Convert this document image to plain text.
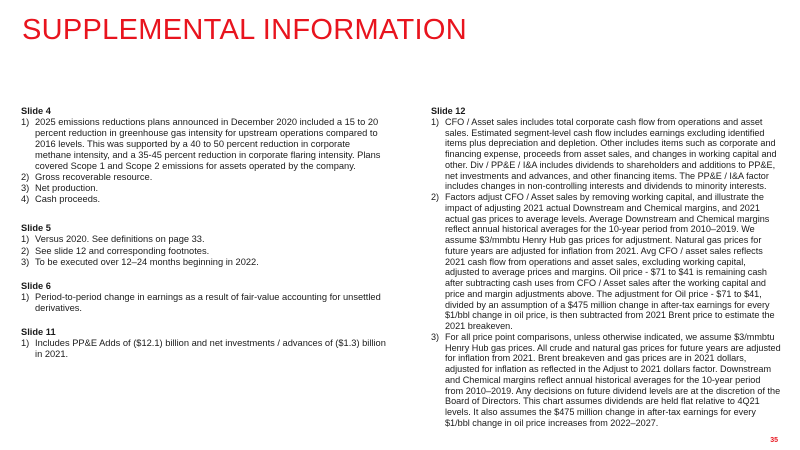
SUPPLEMENTAL INFORMATION
Slide 4
1) 2025 emissions reductions plans announced in December 2020 included a 15 to 20 percent reduction in greenhouse gas intensity for upstream operations compared to 2016 levels. This was supported by a 40 to 50 percent reduction in corporate methane intensity, and a 35-45 percent reduction in corporate flaring intensity. Plans covered Scope 1 and Scope 2 emissions for assets operated by the company.
2) Gross recoverable resource.
3) Net production.
4) Cash proceeds.
Slide 5
1) Versus 2020. See definitions on page 33.
2) See slide 12 and corresponding footnotes.
3) To be executed over 12–24 months beginning in 2022.
Slide 6
1) Period-to-period change in earnings as a result of fair-value accounting for unsettled derivatives.
Slide 11
1) Includes PP&E Adds of ($12.1) billion and net investments / advances of ($1.3) billion in 2021.
Slide 12
1) CFO / Asset sales includes total corporate cash flow from operations and asset sales. Estimated segment-level cash flow includes earnings excluding identified items plus depreciation and depletion. Other includes items such as corporate and financing expense, proceeds from asset sales, and changes in working capital and other. Div / PP&E / I&A includes dividends to shareholders and additions to PP&E, net investments and advances, and other financing items. The PP&E / I&A factor includes changes in non-controlling interests and dividends to minority interests.
2) Factors adjust CFO / Asset sales by removing working capital, and illustrate the impact of adjusting 2021 actual Downstream and Chemical margins, and 2021 actual gas prices to average levels. Average Downstream and Chemical margins reflect annual historical averages for the 10-year period from 2010–2019. We assume $3/mmbtu Henry Hub gas prices for adjustment. Natural gas prices for future years are adjusted for inflation from 2021. Avg CFO / asset sales reflects 2021 cash flow from operations and asset sales, excluding working capital, adjusted to average prices and margins. Oil price - $71 to $41 is remaining cash after subtracting cash uses from CFO / Asset sales after the working capital and price and margin adjustments above. The adjustment for Oil price - $71 to $41, divided by an assumption of a $475 million change in after-tax earnings for every $1/bbl change in oil price, is then subtracted from 2021 Brent price to estimate the 2021 breakeven.
3) For all price point comparisons, unless otherwise indicated, we assume $3/mmbtu Henry Hub gas prices. All crude and natural gas prices for future years are adjusted for inflation from 2021. Brent breakeven and gas prices are in 2021 dollars, adjusted for inflation as reflected in the Adjust to 2021 dollars factor. Downstream and Chemical margins reflect annual historical averages for the 10-year period from 2010–2019. Any decisions on future dividend levels are at the discretion of the Board of Directors. This chart assumes dividends are held flat relative to 4Q21 levels. It also assumes the $475 million change in after-tax earnings for every $1/bbl change in oil price increases from 2022–2027.
35
